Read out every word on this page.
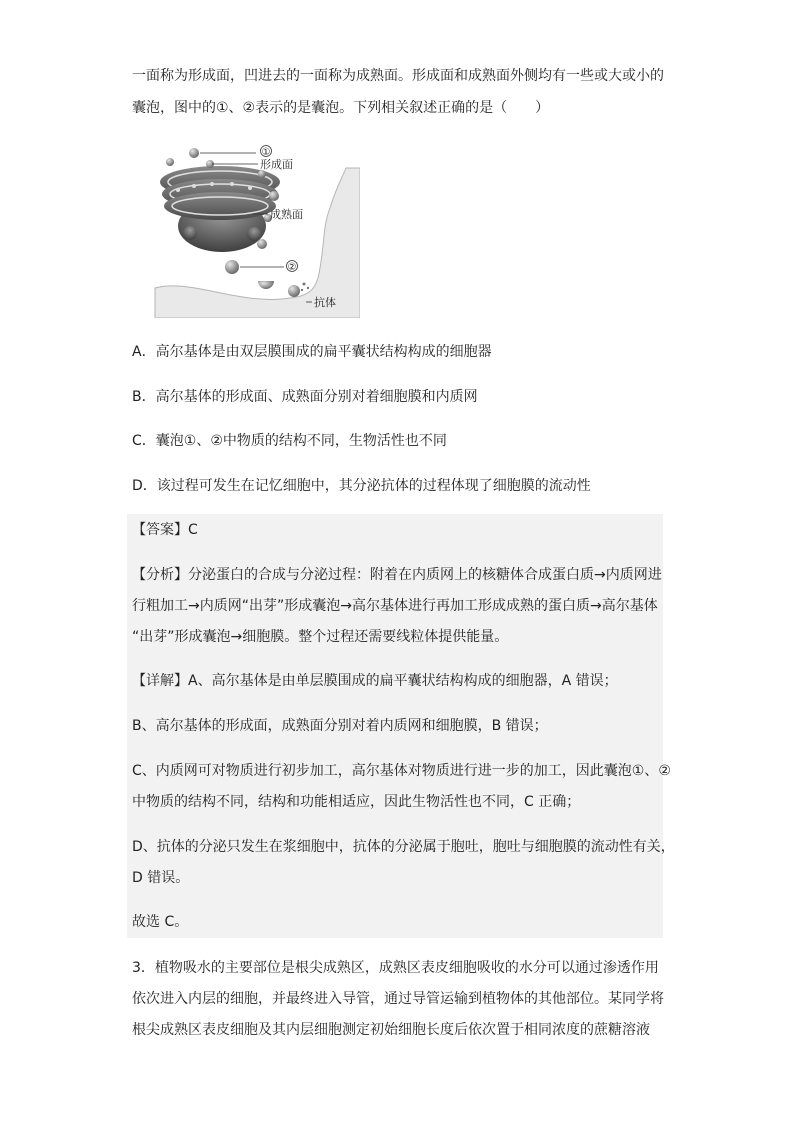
一面称为形成面，凹进去的一面称为成熟面。形成面和成熟面外侧均有一些或大或小的
囊泡，图中的①、②表示的是囊泡。下列相关叙述正确的是（　　）
①
形成面
成熟面
②
抗体
A．高尔基体是由双层膜围成的扁平囊状结构构成的细胞器
B．高尔基体的形成面、成熟面分别对着细胞膜和内质网
C．囊泡①、②中物质的结构不同，生物活性也不同
D．该过程可发生在记忆细胞中，其分泌抗体的过程体现了细胞膜的流动性
【答案】C
【分析】分泌蛋白的合成与分泌过程：附着在内质网上的核糖体合成蛋白质→内质网进
行粗加工→内质网“出芽”形成囊泡→高尔基体进行再加工形成成熟的蛋白质→高尔基体
“出芽”形成囊泡→细胞膜。整个过程还需要线粒体提供能量。
【详解】A、高尔基体是由单层膜围成的扁平囊状结构构成的细胞器，A 错误；
B、高尔基体的形成面，成熟面分别对着内质网和细胞膜，B 错误；
C、内质网可对物质进行初步加工，高尔基体对物质进行进一步的加工，因此囊泡①、②
中物质的结构不同，结构和功能相适应，因此生物活性也不同，C 正确；
D、抗体的分泌只发生在浆细胞中，抗体的分泌属于胞吐，胞吐与细胞膜的流动性有关，
D 错误。
故选 C。
3．植物吸水的主要部位是根尖成熟区，成熟区表皮细胞吸收的水分可以通过渗透作用
依次进入内层的细胞，并最终进入导管，通过导管运输到植物体的其他部位。某同学将
根尖成熟区表皮细胞及其内层细胞测定初始细胞长度后依次置于相同浓度的蔗糖溶液
